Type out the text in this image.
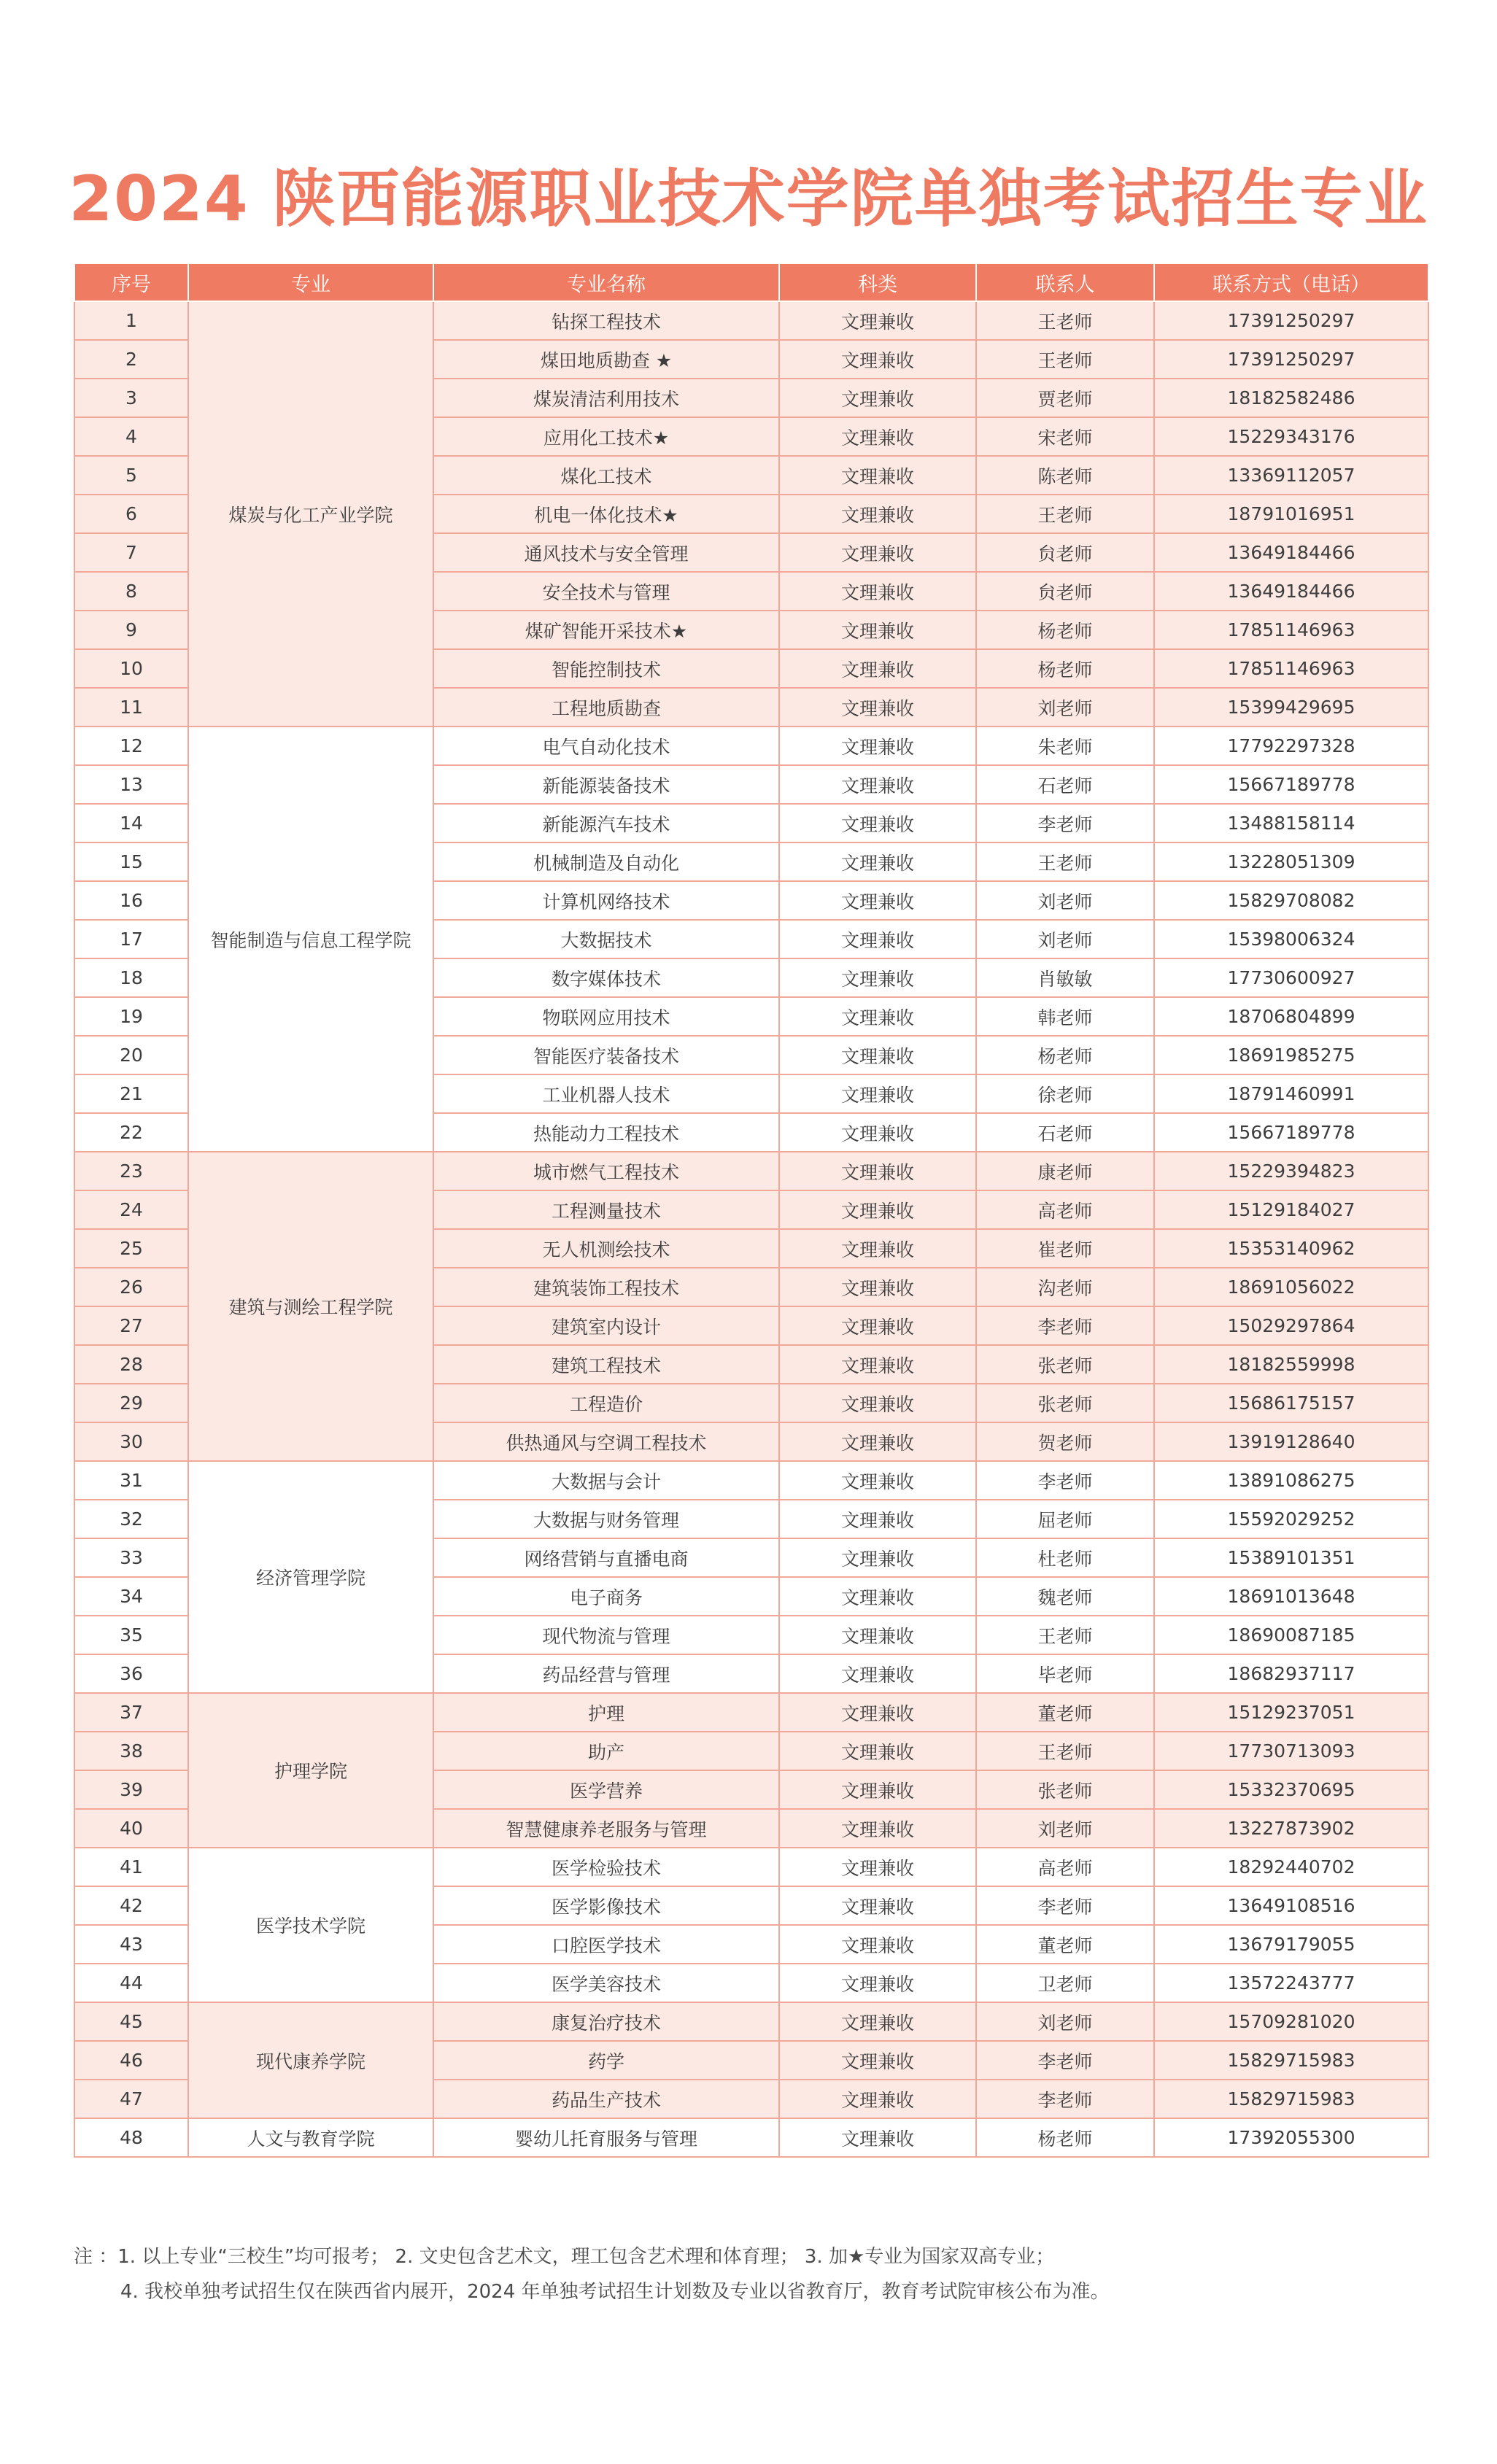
2024 陕西能源职业技术学院单独考试招生专业
序号	专业	专业名称	科类	联系人	联系方式（电话）
1	煤炭与化工产业学院	钻探工程技术	文理兼收	王老师	17391250297
2		煤田地质勘查 ★	文理兼收	王老师	17391250297
3		煤炭清洁利用技术	文理兼收	贾老师	18182582486
4		应用化工技术★	文理兼收	宋老师	15229343176
5		煤化工技术	文理兼收	陈老师	13369112057
6		机电一体化技术★	文理兼收	王老师	18791016951
7		通风技术与安全管理	文理兼收	贠老师	13649184466
8		安全技术与管理	文理兼收	贠老师	13649184466
9		煤矿智能开采技术★	文理兼收	杨老师	17851146963
10		智能控制技术	文理兼收	杨老师	17851146963
11		工程地质勘查	文理兼收	刘老师	15399429695
12	智能制造与信息工程学院	电气自动化技术	文理兼收	朱老师	17792297328
13		新能源装备技术	文理兼收	石老师	15667189778
14		新能源汽车技术	文理兼收	李老师	13488158114
15		机械制造及自动化	文理兼收	王老师	13228051309
16		计算机网络技术	文理兼收	刘老师	15829708082
17		大数据技术	文理兼收	刘老师	15398006324
18		数字媒体技术	文理兼收	肖敏敏	17730600927
19		物联网应用技术	文理兼收	韩老师	18706804899
20		智能医疗装备技术	文理兼收	杨老师	18691985275
21		工业机器人技术	文理兼收	徐老师	18791460991
22		热能动力工程技术	文理兼收	石老师	15667189778
23	建筑与测绘工程学院	城市燃气工程技术	文理兼收	康老师	15229394823
24		工程测量技术	文理兼收	高老师	15129184027
25		无人机测绘技术	文理兼收	崔老师	15353140962
26		建筑装饰工程技术	文理兼收	沟老师	18691056022
27		建筑室内设计	文理兼收	李老师	15029297864
28		建筑工程技术	文理兼收	张老师	18182559998
29		工程造价	文理兼收	张老师	15686175157
30		供热通风与空调工程技术	文理兼收	贺老师	13919128640
31	经济管理学院	大数据与会计	文理兼收	李老师	13891086275
32		大数据与财务管理	文理兼收	屈老师	15592029252
33		网络营销与直播电商	文理兼收	杜老师	15389101351
34		电子商务	文理兼收	魏老师	18691013648
35		现代物流与管理	文理兼收	王老师	18690087185
36		药品经营与管理	文理兼收	毕老师	18682937117
37	护理学院	护理	文理兼收	董老师	15129237051
38		助产	文理兼收	王老师	17730713093
39		医学营养	文理兼收	张老师	15332370695
40		智慧健康养老服务与管理	文理兼收	刘老师	13227873902
41	医学技术学院	医学检验技术	文理兼收	高老师	18292440702
42		医学影像技术	文理兼收	李老师	13649108516
43		口腔医学技术	文理兼收	董老师	13679179055
44		医学美容技术	文理兼收	卫老师	13572243777
45	现代康养学院	康复治疗技术	文理兼收	刘老师	15709281020
46		药学	文理兼收	李老师	15829715983
47		药品生产技术	文理兼收	李老师	15829715983
48	人文与教育学院	婴幼儿托育服务与管理	文理兼收	杨老师	17392055300
注 ：1. 以上专业“三校生”均可报考； 2. 文史包含艺术文，理工包含艺术理和体育理； 3. 加★专业为国家双高专业；
4. 我校单独考试招生仅在陕西省内展开，2024 年单独考试招生计划数及专业以省教育厅，教育考试院审核公布为准。
